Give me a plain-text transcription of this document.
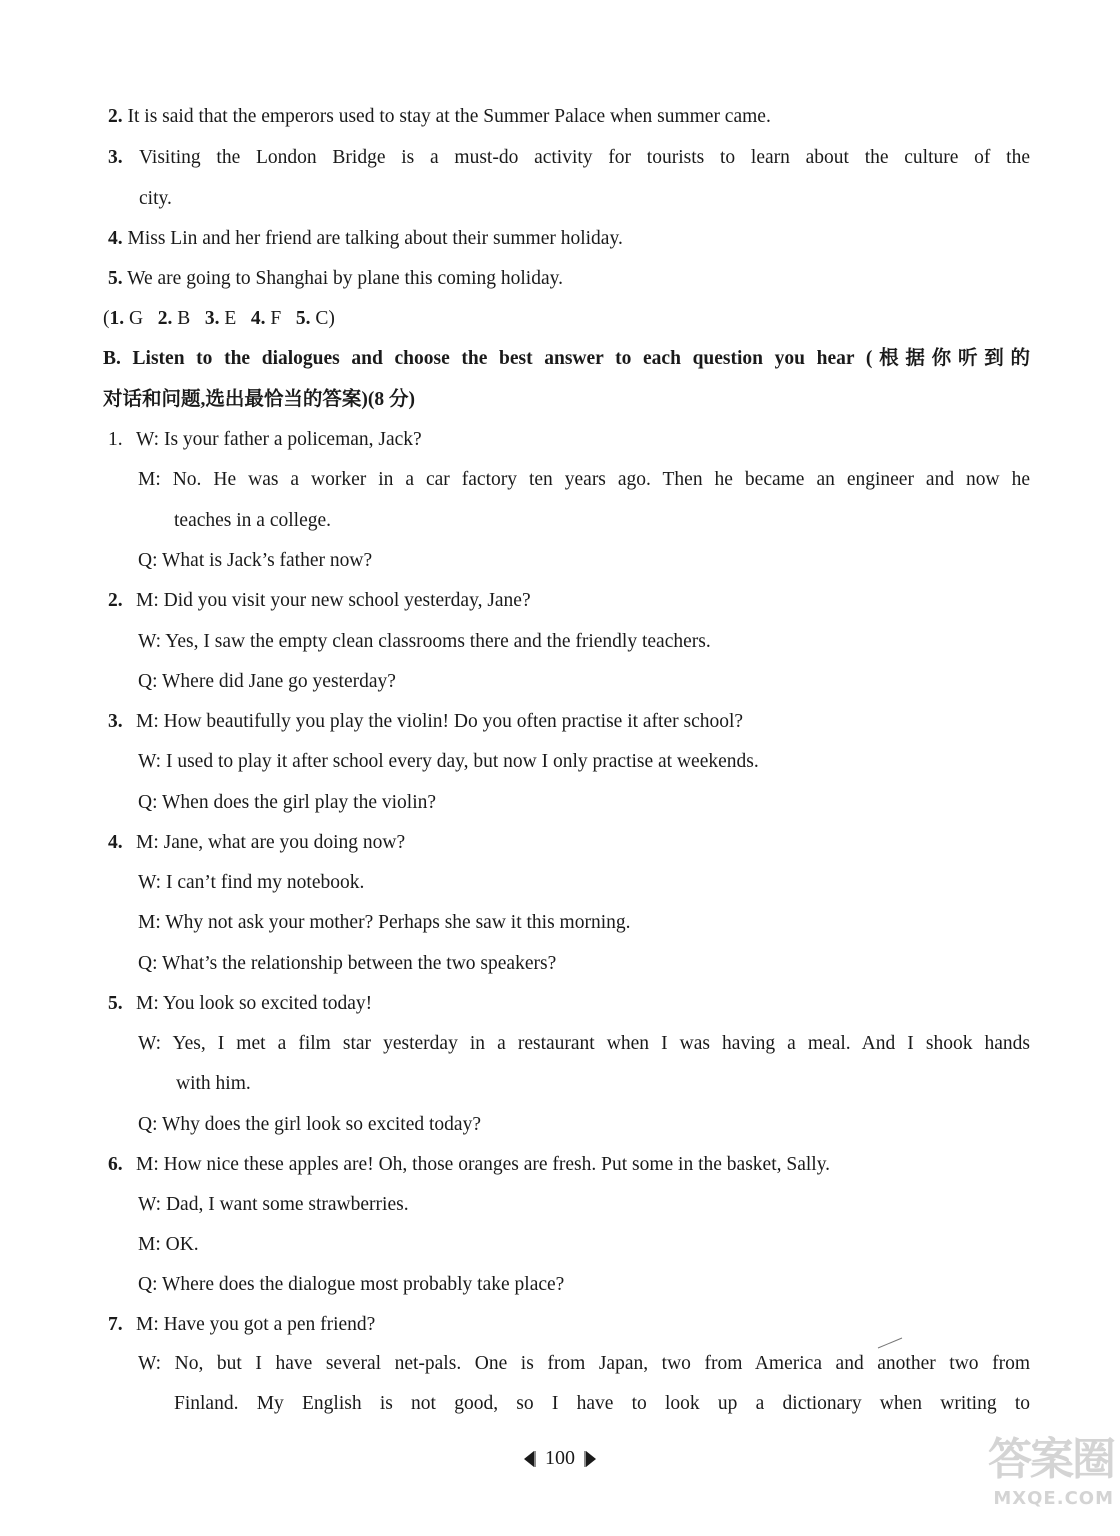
2. It is said that the emperors used to stay at the Summer Palace when summer came.
3. Visiting the London Bridge is a must-do activity for tourists to learn about the culture of the
city.
4. Miss Lin and her friend are talking about their summer holiday.
5. We are going to Shanghai by plane this coming holiday.
(1. G 2. B 3. E 4. F 5. C)
B. Listen to the dialogues and choose the best answer to each question you hear (根据你听到的
对话和问题,选出最恰当的答案)(8 分)
1. W: Is your father a policeman, Jack?
M: No. He was a worker in a car factory ten years ago. Then he became an engineer and now he
teaches in a college.
Q: What is Jack’s father now?
2. M: Did you visit your new school yesterday, Jane?
W: Yes, I saw the empty clean classrooms there and the friendly teachers.
Q: Where did Jane go yesterday?
3. M: How beautifully you play the violin! Do you often practise it after school?
W: I used to play it after school every day, but now I only practise at weekends.
Q: When does the girl play the violin?
4. M: Jane, what are you doing now?
W: I can’t find my notebook.
M: Why not ask your mother? Perhaps she saw it this morning.
Q: What’s the relationship between the two speakers?
5. M: You look so excited today!
W: Yes, I met a film star yesterday in a restaurant when I was having a meal. And I shook hands
with him.
Q: Why does the girl look so excited today?
6. M: How nice these apples are! Oh, those oranges are fresh. Put some in the basket, Sally.
W: Dad, I want some strawberries.
M: OK.
Q: Where does the dialogue most probably take place?
7. M: Have you got a pen friend?
W: No, but I have several net-pals. One is from Japan, two from America and another two from
Finland. My English is not good, so I have to look up a dictionary when writing to
100	答案圈
MXQE.COM
